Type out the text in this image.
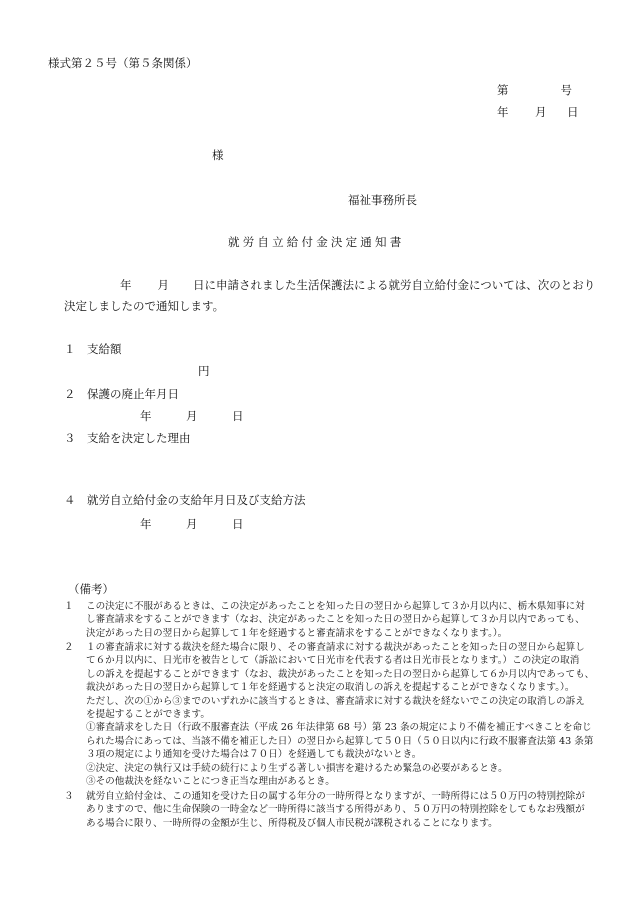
様式第２５号（第５条関係）
第	号
年 月 日
様
福祉事務所長
就労自立給付金決定通知書
年 月 日に申請されました生活保護法による就労自立給付金については、次のとおり
決定しましたので通知します。
１　支給額
円
２　保護の廃止年月日
年	月	日
３　支給を決定した理由
４　就労自立給付金の支給年月日及び支給方法
年	月	日
（備考）
１ この決定に不服があるときは、この決定があったことを知った日の翌日から起算して３か月以内に、栃木県知事に対
し審査請求をすることができます（なお、決定があったことを知った日の翌日から起算して３か月以内であっても、
決定があった日の翌日から起算して１年を経過すると審査請求をすることができなくなります。）。
２ １の審査請求に対する裁決を経た場合に限り、その審査請求に対する裁決があったことを知った日の翌日から起算し
て６か月以内に、日光市を被告として（訴訟において日光市を代表する者は日光市長となります。）この決定の取消
しの訴えを提起することができます（なお、裁決があったことを知った日の翌日から起算して６か月以内であっても、
裁決があった日の翌日から起算して１年を経過すると決定の取消しの訴えを提起することができなくなります。）。
ただし、次の①から③までのいずれかに該当するときは、審査請求に対する裁決を経ないでこの決定の取消しの訴え
を提起することができます。
①審査請求をした日（行政不服審査法（平成 26 年法律第 68 号）第 23 条の規定により不備を補正すべきことを命じ
られた場合にあっては、当該不備を補正した日）の翌日から起算して５０日（５０日以内に行政不服審査法第 43 条第
３項の規定により通知を受けた場合は７０日）を経過しても裁決がないとき。
②決定、決定の執行又は手続の続行により生ずる著しい損害を避けるため緊急の必要があるとき。
③その他裁決を経ないことにつき正当な理由があるとき。
３ 就労自立給付金は、この通知を受けた日の属する年分の一時所得となりますが、一時所得には５０万円の特別控除が
ありますので、他に生命保険の一時金など一時所得に該当する所得があり、５０万円の特別控除をしてもなお残額が
ある場合に限り、一時所得の金額が生じ、所得税及び個人市民税が課税されることになります。
